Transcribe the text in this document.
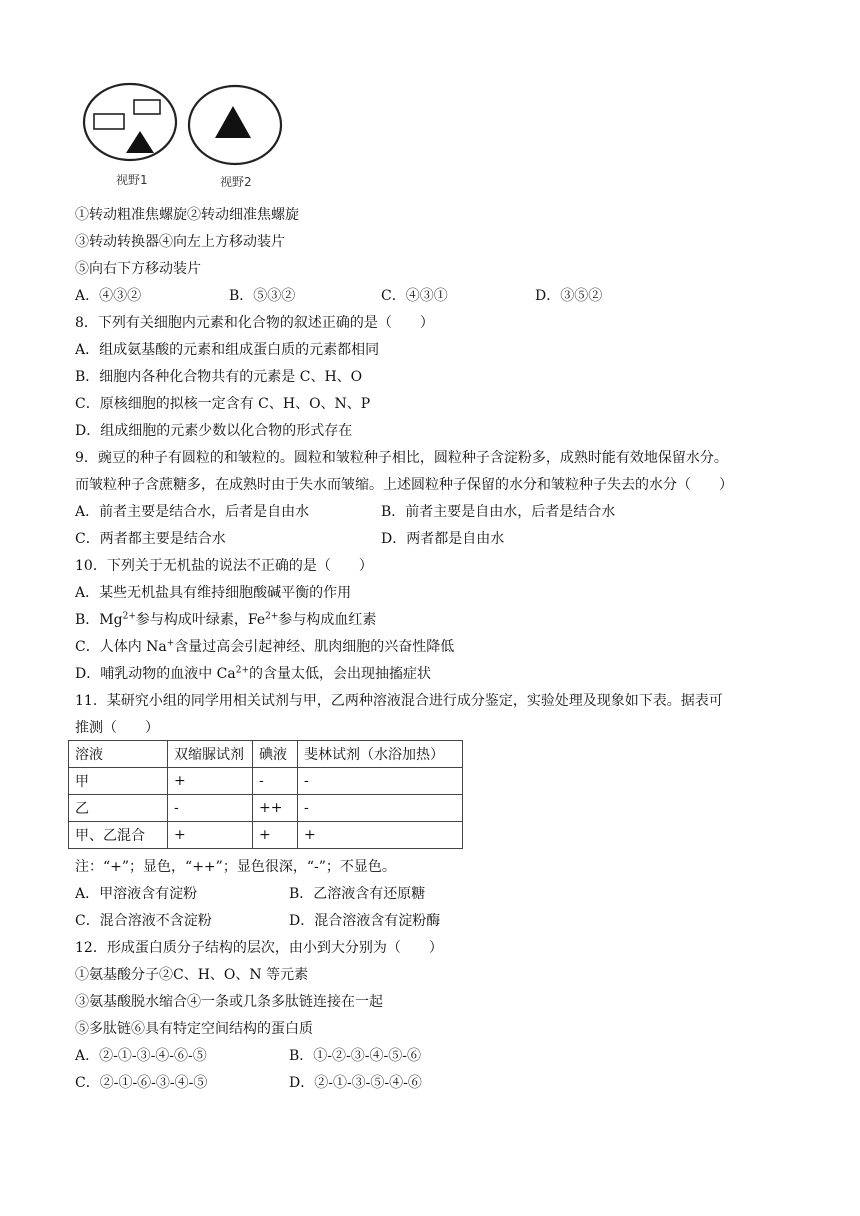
视野1	视野2
①转动粗准焦螺旋②转动细准焦螺旋
③转动转换器④向左上方移动装片
⑤向右下方移动装片
A．④③②	B．⑤③②	C．④③①	D．③⑤②
8．下列有关细胞内元素和化合物的叙述正确的是（　　）
A．组成氨基酸的元素和组成蛋白质的元素都相同
B．细胞内各种化合物共有的元素是 C、H、O
C．原核细胞的拟核一定含有 C、H、O、N、P
D．组成细胞的元素少数以化合物的形式存在
9．豌豆的种子有圆粒的和皱粒的。圆粒和皱粒种子相比，圆粒种子含淀粉多，成熟时能有效地保留水分。
而皱粒种子含蔗糖多，在成熟时由于失水而皱缩。上述圆粒种子保留的水分和皱粒种子失去的水分（　　）
A．前者主要是结合水，后者是自由水	B．前者主要是自由水，后者是结合水
C．两者都主要是结合水	D．两者都是自由水
10．下列关于无机盐的说法不正确的是（　　）
A．某些无机盐具有维持细胞酸碱平衡的作用
B．$Mg^{2+}$参与构成叶绿素，$Fe^{2+}$参与构成血红素
C．人体内 Na+含量过高会引起神经、肌肉细胞的兴奋性降低
D．哺乳动物的血液中 $Ca^{2+}$的含量太低，会出现抽搐症状
11．某研究小组的同学用相关试剂与甲，乙两种溶液混合进行成分鉴定，实验处理及现象如下表。据表可
推测（　　）
溶液	双缩脲试剂	碘液	斐林试剂（水浴加热）
甲	+	-	-
乙	-	++	-
甲、乙混合	+	+	+
注：“+”；显色，“++”；显色很深，“-”；不显色。
A．甲溶液含有淀粉	B．乙溶液含有还原糖
C．混合溶液不含淀粉	D．混合溶液含有淀粉酶
12．形成蛋白质分子结构的层次，由小到大分别为（　　）
①氨基酸分子②C、H、O、N 等元素
③氨基酸脱水缩合④一条或几条多肽链连接在一起
⑤多肽链⑥具有特定空间结构的蛋白质
A．②-①-③-④-⑥-⑤	B．①-②-③-④-⑤-⑥
C．②-①-⑥-③-④-⑤	D．②-①-③-⑤-④-⑥
